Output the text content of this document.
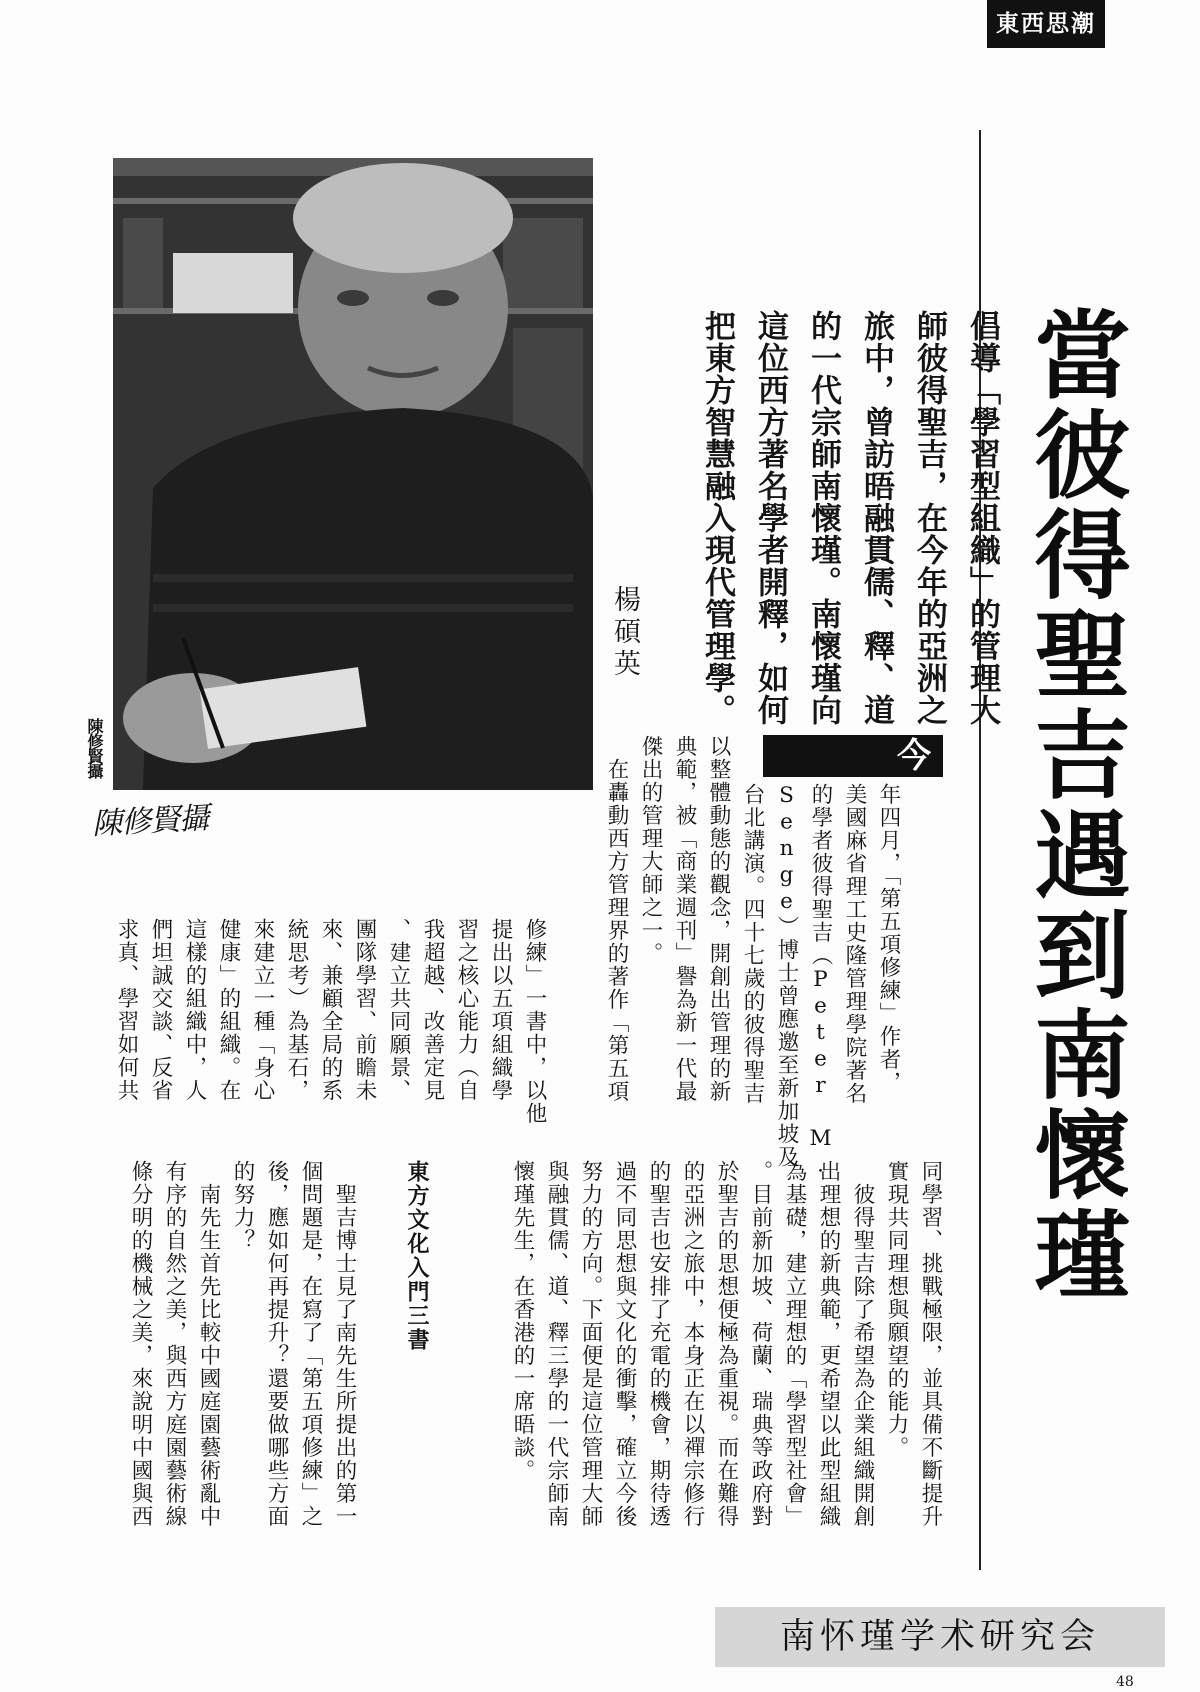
東西思潮
當彼得聖吉遇到南懷瑾
陳修賢攝
陳修賢攝
倡導「學習型組織」的管理大
師彼得聖吉，在今年的亞洲之
旅中，曾訪晤融貫儒、釋、道
的一代宗師南懷瑾。南懷瑾向
這位西方著名學者開釋，如何
把東方智慧融入現代管理學。
楊碩英
今
年四月，「第五項修練」作者，
美國麻省理工史隆管理學院著名
的學者彼得聖吉（Peter M.
Senge）博士曾應邀至新加坡及
台北講演。四十七歲的彼得聖吉
以整體動態的觀念，開創出管理的新
典範，被「商業週刊」譽為新一代最
傑出的管理大師之一。
　在轟動西方管理界的著作「第五項
修練」一書中，以他
提出以五項組織學
習之核心能力（自
我超越、改善定見
、建立共同願景、
團隊學習、前瞻未
來、兼顧全局的系
統思考）為基石，
來建立一種「身心
健康」的組織。在
這樣的組織中，人
們坦誠交談、反省
求真、學習如何共
同學習、挑戰極限，並具備不斷提升
實現共同理想與願望的能力。
　彼得聖吉除了希望為企業組織開創
出理想的新典範，更希望以此型組織
為基礎，建立理想的「學習型社會」
。目前新加坡、荷蘭、瑞典等政府對
於聖吉的思想便極為重視。而在難得
的亞洲之旅中，本身正在以禪宗修行
的聖吉也安排了充電的機會，期待透
過不同思想與文化的衝擊，確立今後
努力的方向。下面便是這位管理大師
與融貫儒、道、釋三學的一代宗師南
懷瑾先生，在香港的一席晤談。
東方文化入門三書
　聖吉博士見了南先生所提出的第一
個問題是，在寫了「第五項修練」之
後，應如何再提升？還要做哪些方面
的努力？
　南先生首先比較中國庭園藝術亂中
有序的自然之美，與西方庭園藝術線
條分明的機械之美，來說明中國與西
南怀瑾学术研究会
48
